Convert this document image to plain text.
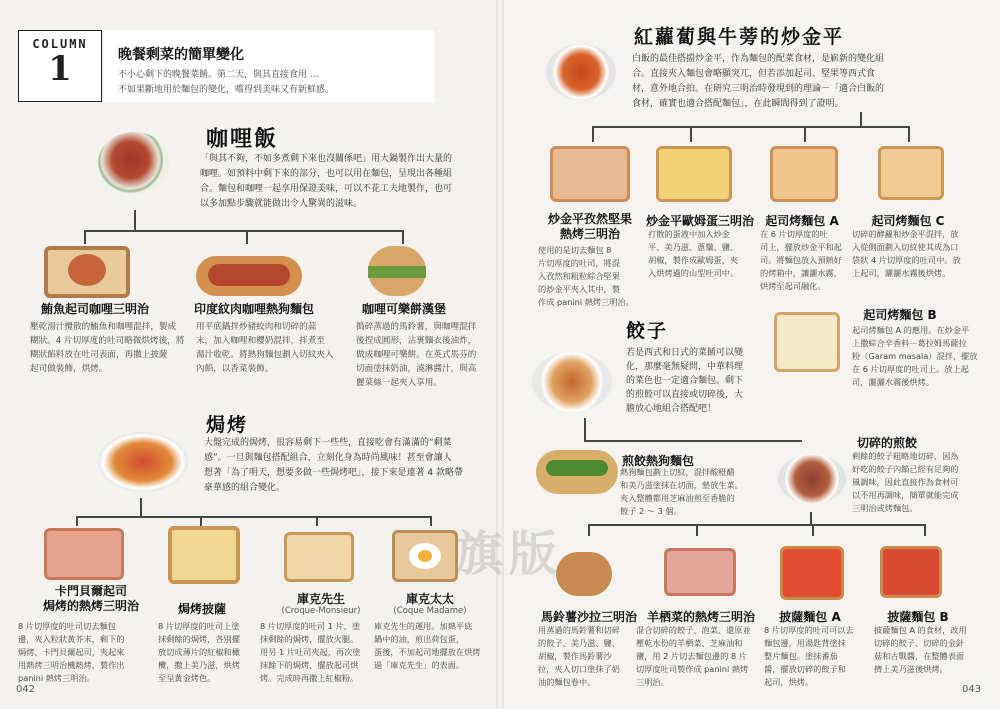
COLUMN
1	晚餐剩菜的簡單變化
不小心剩下的晚餐菜餚。第二天，與其直接食用 ...
不如果斷地用於麵包的變化，嚐得到美味又有新鮮感。
咖哩飯
「與其不夠，不如多煮剩下來也沒關係吧」用大鍋製作出大量的
咖哩。如預料中剩下來的部分，也可以用在麵包，呈現出各種組
合。麵包和咖哩一起享用保證美味，可以不花工夫地製作，也可
以多加點步驟就能做出令人驚異的滋味。
鮪魚起司咖哩三明治
壓乾湯汁攪散的鮪魚和咖哩混拌，製成
糊狀。4 片切厚度的吐司略微烘烤後，將
糊狀餡料放在吐司表面，再撒上披薩
起司做裝飾，烘烤。
印度紋肉咖哩熱狗麵包
用平底鍋拌炒豬絞肉和切碎的蒜
末，加入咖哩和櫻奶混拌，拌煮至
湯汁收乾。將熱狗麵包劃入切紋夾入
內餡，以香菜裝飾。
咖哩可樂餅漢堡
搗碎蒸過的馬鈴薯，與咖哩混拌
後捏成圓形，沾裹麵衣後油炸，
做成咖哩可樂餅。在英式馬芬的
切面塗抹奶油，澆淋醬汁，與高
麗菜絲一起夾入享用。
焗烤
大盤完成的焗烤，很容易剩下一些些，直接吃會有滿滿的“剩菜
感”。一旦與麵包搭配組合，立刻化身為時尚風味！甚至會讓人
想著「為了明天，想要多做一些焗烤吧」，接下來是連著 4 款略帶
豪華感的組合變化。
卡門貝爾起司
焗烤的熱烤三明治
8 片切厚度的吐司切去麵包
邊，夾入粒狀黃芥末，剩下的
焗烤、卡門貝爾起司，夾起來
用熱烤三明治機熱烤，製作出
panini 熱烤三明治。
焗烤披薩
8 片切厚度的吐司上塗
抹剩餘的焗烤，各別擺
放切成薄片的紅椒和橄
欖，撒上美乃滋，烘烤
至呈黃金烤色。
庫克先生
(Croque-Monsieur)
8 片切厚度的吐司 1 片，塗
抹剩餘的焗烤，擺放火腿。
用另 1 片吐司夾起，再次塗
抹餘下的焗烤，擺放起司烘
烤。完成時再撒上紅椒粉。
庫克太太
(Coque Madame)
庫克先生的運用。加熱平底
鍋中的油，煎出荷包蛋，
蛋後，不加起司地擺放在烘烤
過「庫克先生」的表面。
042
紅蘿蔔與牛蒡的炒金平
白飯的最佳搭擋炒金平，作為麵包的配菜食材，是嶄新的變化組
合。直接夾入麵包會略顯突兀，但若添加起司、堅果等西式食
材，意外地合拍。在研究三明治時發現到的理論－「適合白飯的
食材，確實也適合搭配麵包」，在此瞬間得到了證明。
炒金平孜然堅果
熱烤三明治
使用的是切去麵包 8
片切厚度的吐司，將混
入孜然和粗粒綜合堅果
的炒金平夾入其中，製
作成 panini 熱烤三明治。
炒金平歐姆蛋三明治
打散的蛋液中加入炒金
平、美乃滋、蔥鬚、鹽、
胡椒，製作成歐姆蛋，夾
入烘烤過的山型吐司中。
起司烤麵包 A
在 6 片切厚度的吐
司上，擺放炒金平和起
司。將麵包放入預熱好
的烤箱中，讓灑水霧，
烘烤至起司融化。
起司烤麵包 C
切碎的酵蘿和炒金平混拌，放
入從側面劃入切紋使其成為口
袋狀 4 片切厚度的吐司中。放
上起司，灑灑水霧後烘烤。
起司烤麵包 B
起司烤麵包 A 的應用。在炒金平
上撒綜合辛香料－葛拉姆馬薩拉
粉（Garam masala）混拌，擺放
在 6 片切厚度的吐司上。放上起
司，灑灑水霧後烘烤。
餃子
若是西式和日式的菜餚可以變
化，那麼毫無疑問，中華料理
的菜色也一定適合麵包。剩下
的煎餃可以直接或切碎後，大
膽放心地組合搭配吧！
煎餃熱狗麵包
熱狗麵包劃上切紋，混拌酸橙醋
和美乃滋塗抹在切面，墊放生菜。
夾入整體都用芝麻油煎至香脆的
餃子 2 ～ 3 個。
切碎的煎餃
剩餘的餃子粗略地切碎，因為
好吃的餃子內餡已經有足夠的
風調味，因此直接作為食材可
以不用再調味，簡單就能完成
三明治或烤麵包。
馬鈴薯沙拉三明治
用蒸過的馬鈴薯和切碎
的餃子、美乃滋、鹽、
胡椒，製作馬鈴薯沙
拉，夾入切口塗抹了奶
油的麵包卷中。
羊栖菜的熱烤三明治
混合切碎的餃子、泡菜、還原並
壓乾水份的羊栖菜、芝麻油和
鹽，用 2 片切去麵包邊的 8 片
切厚度吐司製作成 panini 熱烤
三明治。
披薩麵包 A
8 片切厚度的吐司可以去
麵包邊，用湯匙背塗抹
整片麵包。塗抹番茄
醬，擺放切碎的餃子和
起司，烘烤。
披薩麵包 B
披薩麵包 A 的食材，改用
切碎的餃子、切碎的金針
菇和古戰醬，在整體表面
擠上美乃滋後烘烤。
043
旗版
